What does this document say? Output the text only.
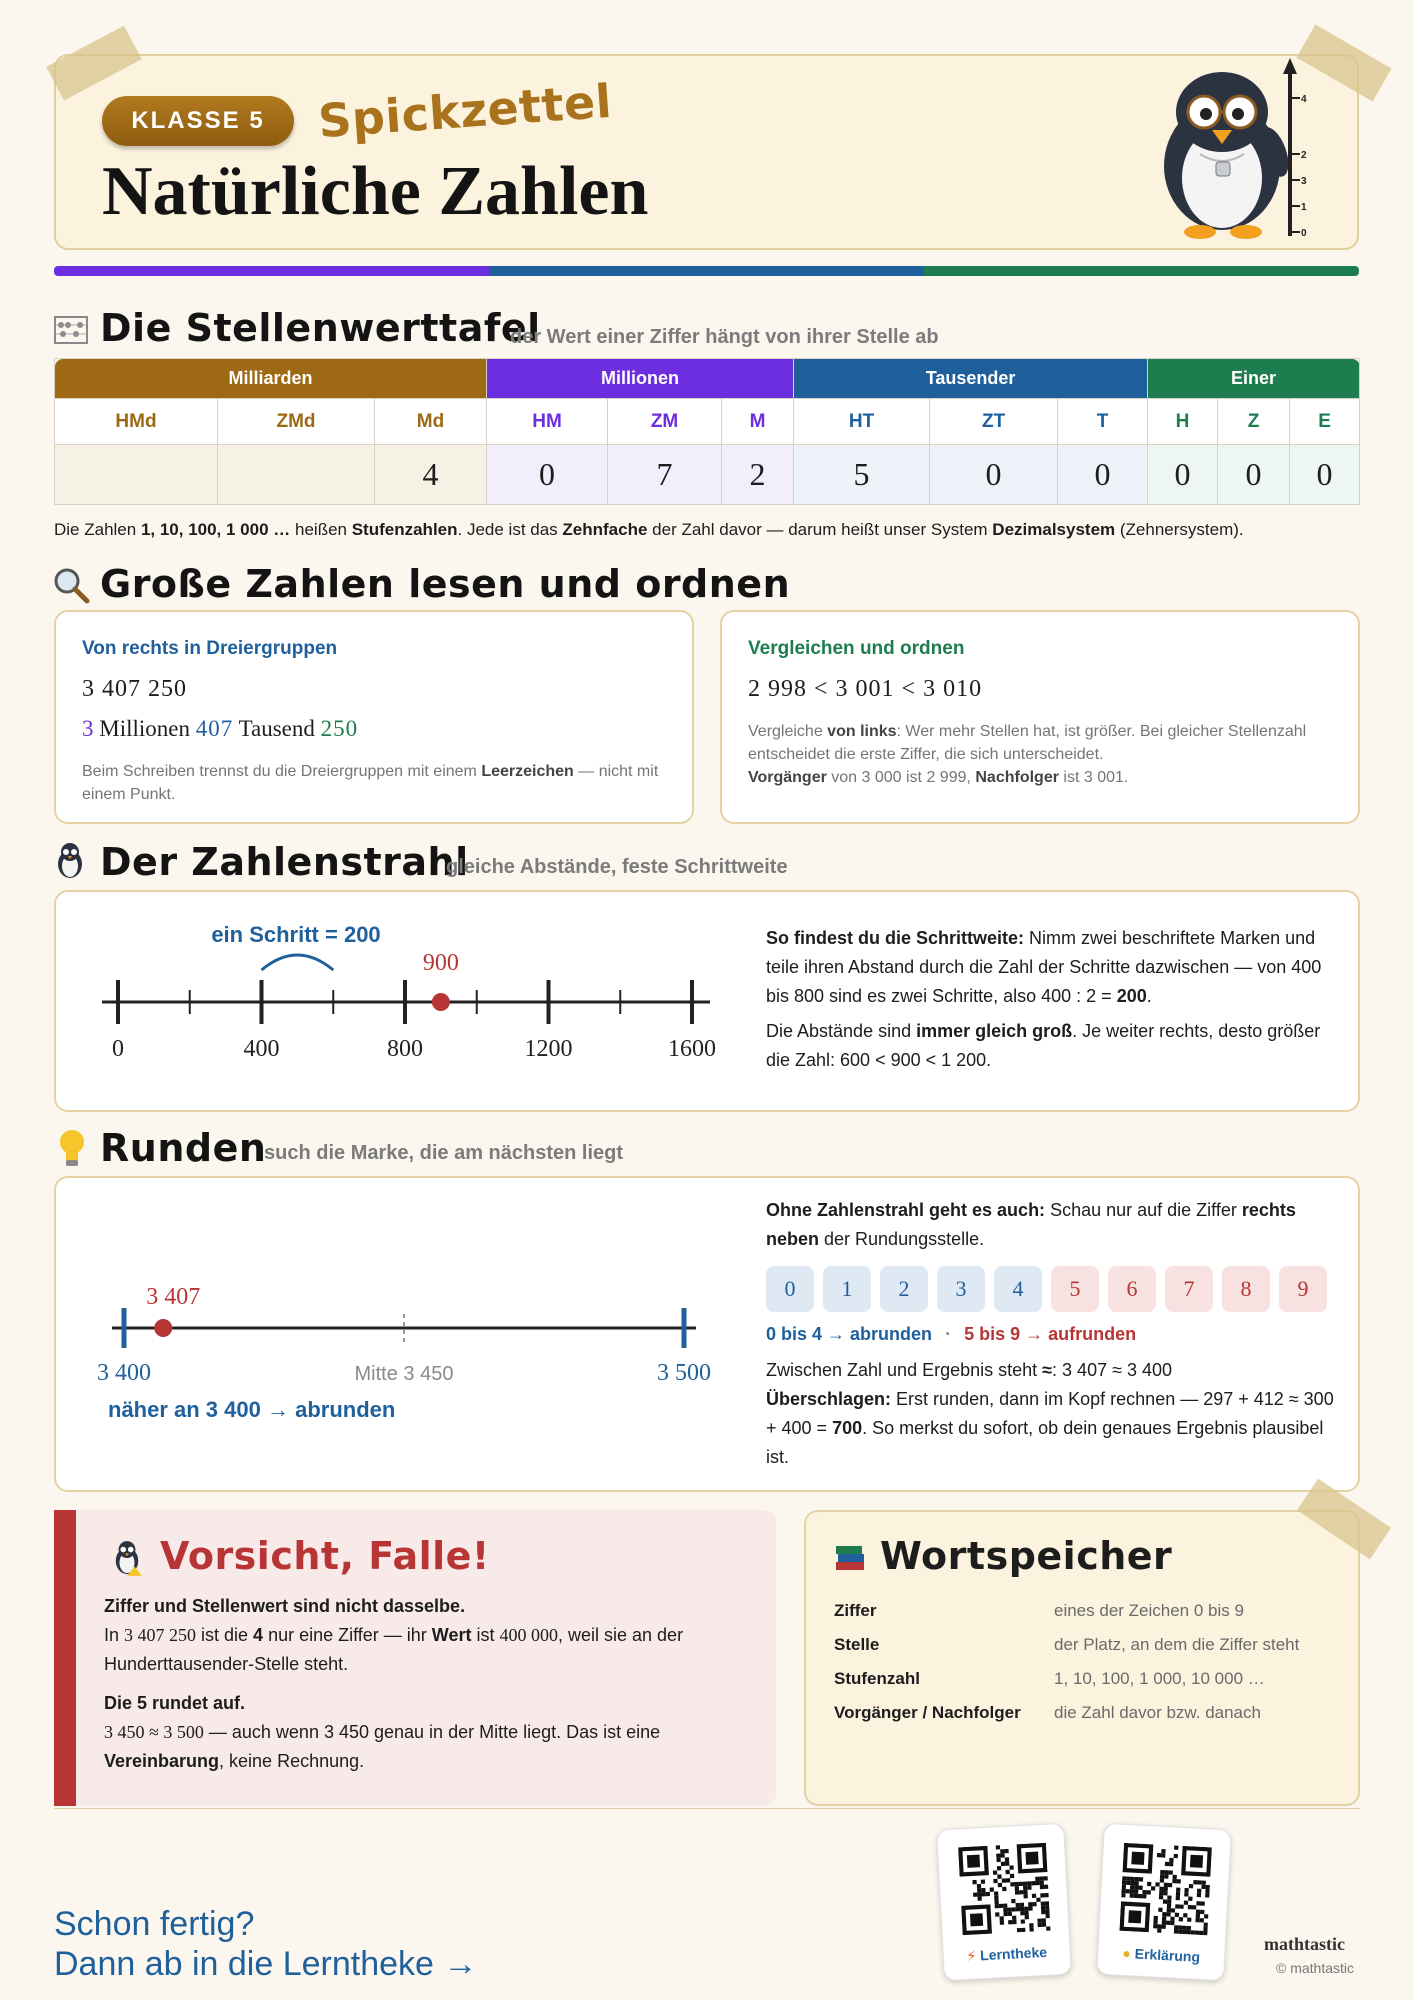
KLASSE 5	Spickzettel
Natürliche Zahlen
4
2
3
1
0
Die Stellenwerttafel
der Wert einer Ziffer hängt von ihrer Stelle ab
Milliarden			Millionen			Tausender			Einer		
HMd	ZMd	Md	HM	ZM	M	HT	ZT	T	H	Z	E
		4	0	7	2	5	0	0	0	0	0
Die Zahlen 1, 10, 100, 1 000 … heißen Stufenzahlen. Jede ist das Zehnfache der Zahl davor — darum heißt unser System Dezimalsystem (Zehnersystem).
Große Zahlen lesen und ordnen
Von rechts in Dreiergruppen
3 407 250
3 Millionen 407 Tausend 250
Beim Schreiben trennst du die Dreiergruppen mit einem Leerzeichen — nicht mit einem Punkt.
Vergleichen und ordnen
2 998 < 3 001 < 3 010
Vergleiche von links: Wer mehr Stellen hat, ist größer. Bei gleicher Stellenzahl entscheidet die erste Ziffer, die sich unterscheidet.
Vorgänger von 3 000 ist 2 999, Nachfolger ist 3 001.
Der Zahlenstrahl
gleiche Abstände, feste Schrittweite
0	400	800	1200	1600
ein Schritt = 200
900
So findest du die Schrittweite: Nimm zwei beschriftete Marken und teile ihren Abstand durch die Zahl der Schritte dazwischen — von 400 bis 800 sind es zwei Schritte, also 400 : 2 = 200.
Die Abstände sind immer gleich groß. Je weiter rechts, desto größer die Zahl: 600 < 900 < 1 200.
Runden
such die Marke, die am nächsten liegt
3 407
3 400	Mitte 3 450	3 500
näher an 3 400 → abrunden
Ohne Zahlenstrahl geht es auch: Schau nur auf die Ziffer rechts neben der Rundungsstelle.
0	1	2	3	4	5	6	7	8	9
0 bis 4 → abrunden · 5 bis 9 → aufrunden
Zwischen Zahl und Ergebnis steht ≈: 3 407 ≈ 3 400
Überschlagen: Erst runden, dann im Kopf rechnen — 297 + 412 ≈ 300 + 400 = 700. So merkst du sofort, ob dein genaues Ergebnis plausibel ist.
Vorsicht, Falle!
Ziffer und Stellenwert sind nicht dasselbe.
In 3 407 250 ist die 4 nur eine Ziffer — ihr Wert ist 400 000, weil sie an der Hunderttausender-Stelle steht.
Die 5 rundet auf.
3 450 ≈ 3 500 — auch wenn 3 450 genau in der Mitte liegt. Das ist eine Vereinbarung, keine Rechnung.
Wortspeicher
Ziffer	eines der Zeichen 0 bis 9
Stelle	der Platz, an dem die Ziffer steht
Stufenzahl	1, 10, 100, 1 000, 10 000 …
Vorgänger / Nachfolger	die Zahl davor bzw. danach
Schon fertig?
Dann ab in die Lerntheke →	⚡ Lerntheke	● Erklärung
mathtastic
© mathtastic
